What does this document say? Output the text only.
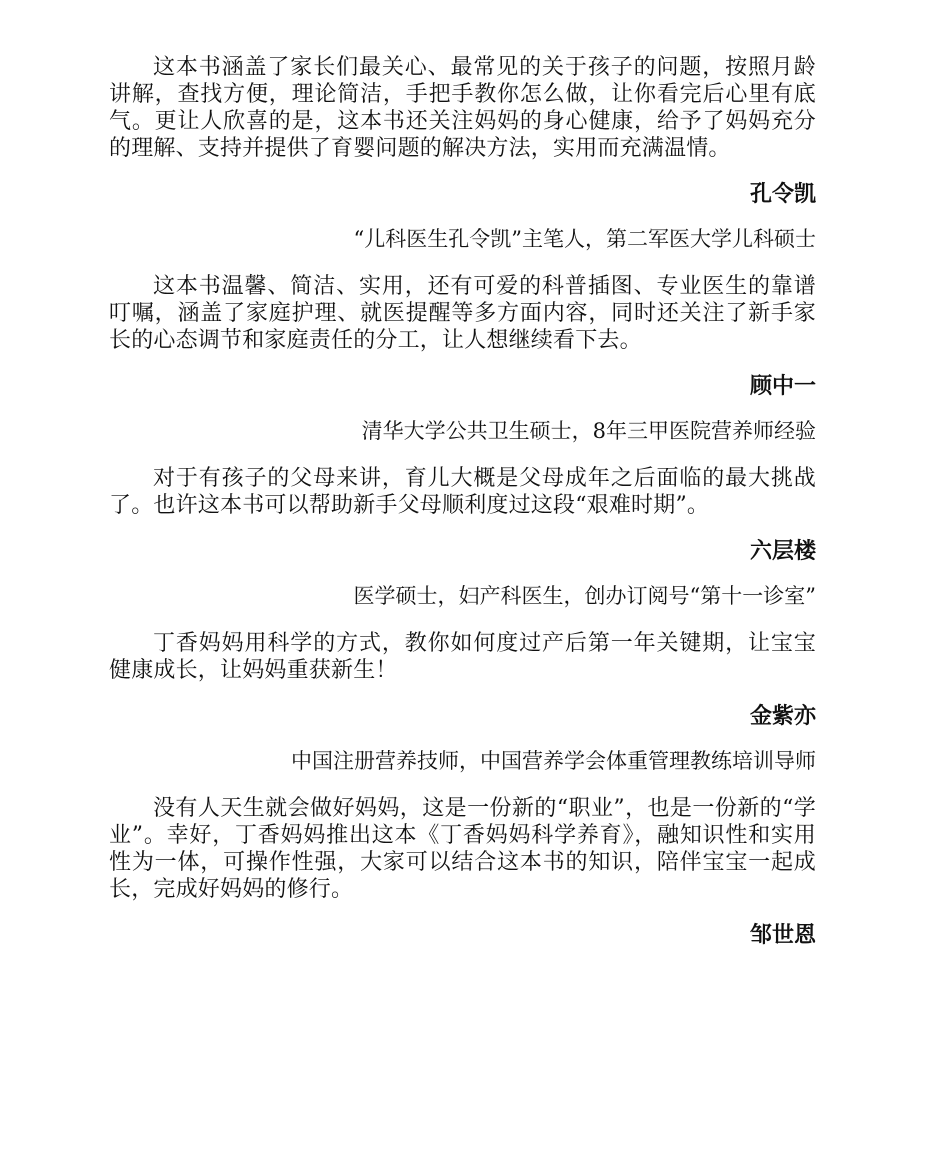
这本书涵盖了家长们最关心、最常见的关于孩子的问题，按照月龄讲解，查找方便，理论简洁，手把手教你怎么做，让你看完后心里有底气。更让人欣喜的是，这本书还关注妈妈的身心健康，给予了妈妈充分的理解、支持并提供了育婴问题的解决方法，实用而充满温情。

孔令凯

“儿科医生孔令凯”主笔人，第二军医大学儿科硕士

这本书温馨、简洁、实用，还有可爱的科普插图、专业医生的靠谱叮嘱，涵盖了家庭护理、就医提醒等多方面内容，同时还关注了新手家长的心态调节和家庭责任的分工，让人想继续看下去。

顾中一

清华大学公共卫生硕士，8年三甲医院营养师经验

对于有孩子的父母来讲，育儿大概是父母成年之后面临的最大挑战了。也许这本书可以帮助新手父母顺利度过这段“艰难时期”。

六层楼

医学硕士，妇产科医生，创办订阅号“第十一诊室”

丁香妈妈用科学的方式，教你如何度过产后第一年关键期，让宝宝健康成长，让妈妈重获新生！

金紫亦

中国注册营养技师，中国营养学会体重管理教练培训导师

没有人天生就会做好妈妈，这是一份新的“职业”，也是一份新的“学业”。幸好，丁香妈妈推出这本《丁香妈妈科学养育》，融知识性和实用性为一体，可操作性强，大家可以结合这本书的知识，陪伴宝宝一起成长，完成好妈妈的修行。

邹世恩
